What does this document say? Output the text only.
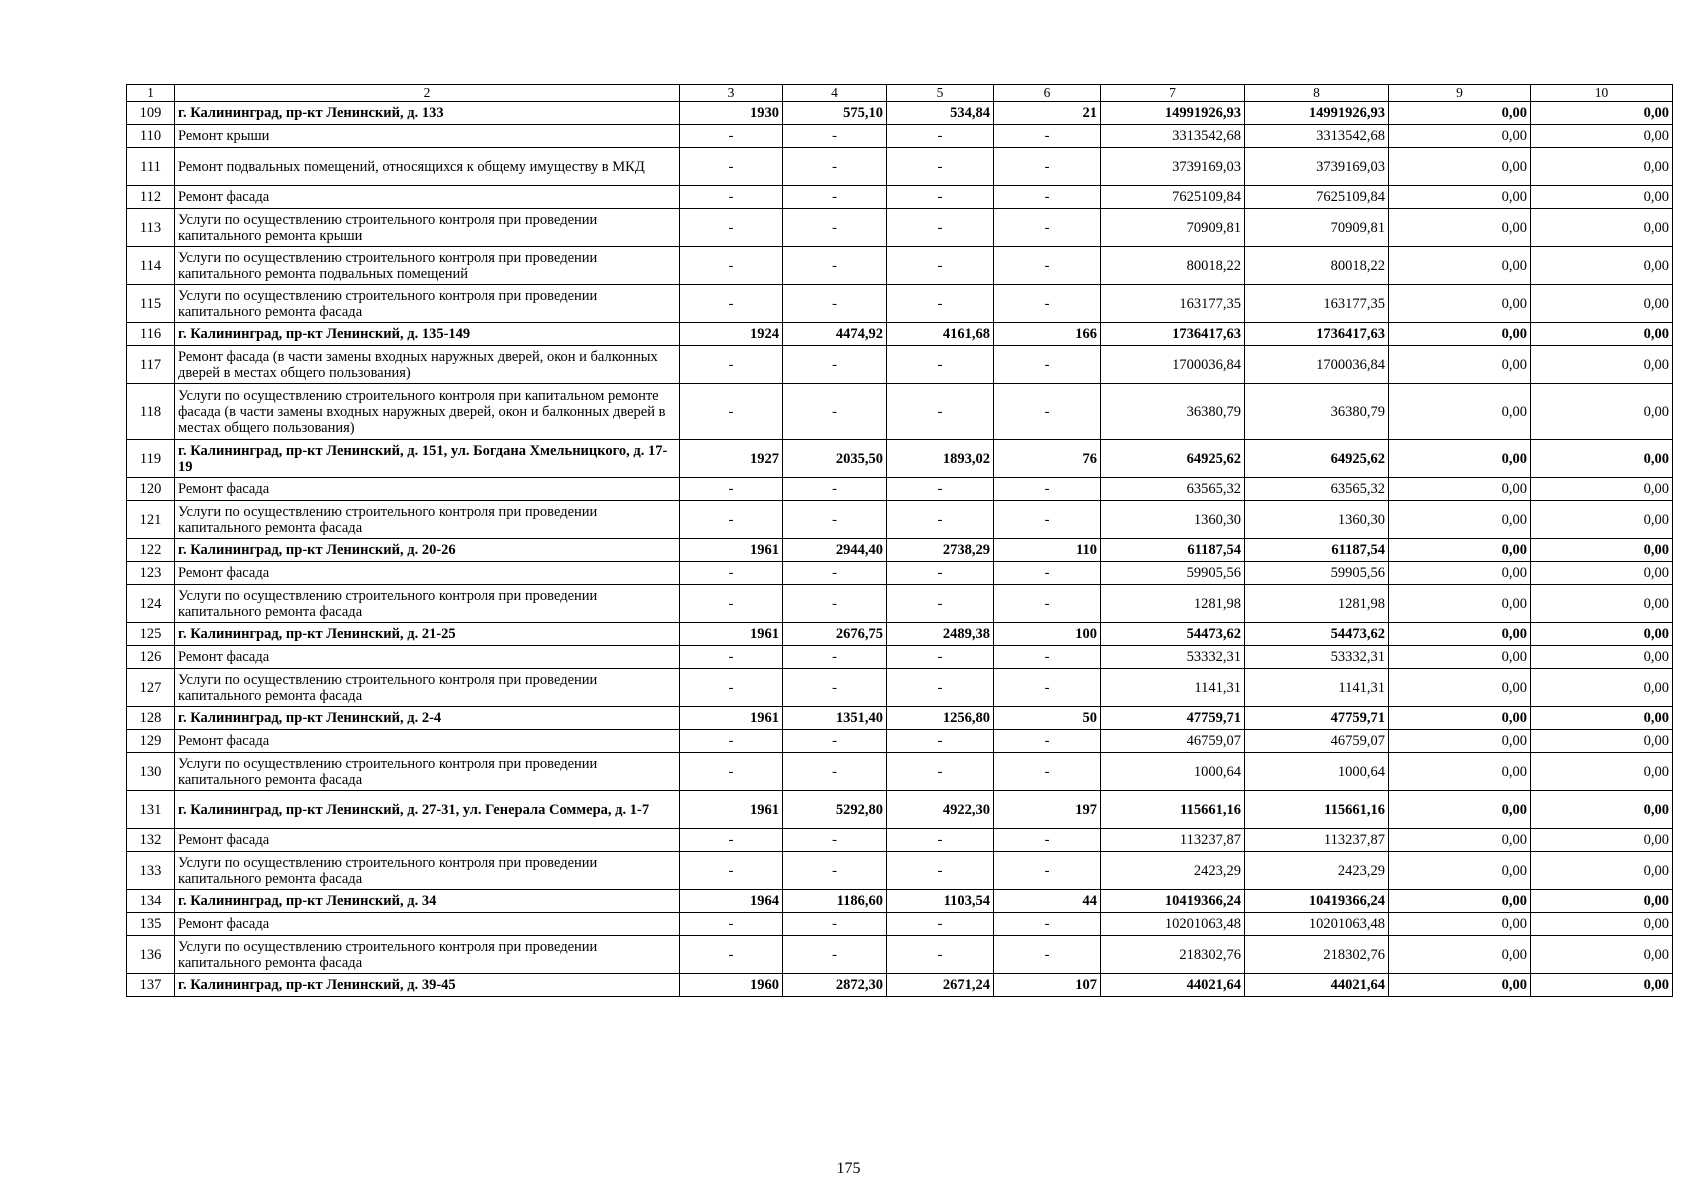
1	2	3	4	5	6	7	8	9	10
109	г. Калининград, пр-кт Ленинский, д. 133	1930	575,10	534,84	21	14991926,93	14991926,93	0,00	0,00
110	Ремонт крыши	-	-	-	-	3313542,68	3313542,68	0,00	0,00
111	Ремонт подвальных помещений, относящихся к общему имуществу в МКД	-	-	-	-	3739169,03	3739169,03	0,00	0,00
112	Ремонт фасада	-	-	-	-	7625109,84	7625109,84	0,00	0,00
113	Услуги по осуществлению строительного контроля при проведении капитального ремонта крыши	-	-	-	-	70909,81	70909,81	0,00	0,00
114	Услуги по осуществлению строительного контроля при проведении капитального ремонта подвальных помещений	-	-	-	-	80018,22	80018,22	0,00	0,00
115	Услуги по осуществлению строительного контроля при проведении капитального ремонта фасада	-	-	-	-	163177,35	163177,35	0,00	0,00
116	г. Калининград, пр-кт Ленинский, д. 135-149	1924	4474,92	4161,68	166	1736417,63	1736417,63	0,00	0,00
117	Ремонт фасада (в части замены входных наружных дверей, окон и балконных дверей в местах общего пользования)	-	-	-	-	1700036,84	1700036,84	0,00	0,00
118	Услуги по осуществлению строительного контроля при капитальном ремонте фасада (в части замены входных наружных дверей, окон и балконных дверей в местах общего пользования)	-	-	-	-	36380,79	36380,79	0,00	0,00
119	г. Калининград, пр-кт Ленинский, д. 151, ул. Богдана Хмельницкого, д. 17-19	1927	2035,50	1893,02	76	64925,62	64925,62	0,00	0,00
120	Ремонт фасада	-	-	-	-	63565,32	63565,32	0,00	0,00
121	Услуги по осуществлению строительного контроля при проведении капитального ремонта фасада	-	-	-	-	1360,30	1360,30	0,00	0,00
122	г. Калининград, пр-кт Ленинский, д. 20-26	1961	2944,40	2738,29	110	61187,54	61187,54	0,00	0,00
123	Ремонт фасада	-	-	-	-	59905,56	59905,56	0,00	0,00
124	Услуги по осуществлению строительного контроля при проведении капитального ремонта фасада	-	-	-	-	1281,98	1281,98	0,00	0,00
125	г. Калининград, пр-кт Ленинский, д. 21-25	1961	2676,75	2489,38	100	54473,62	54473,62	0,00	0,00
126	Ремонт фасада	-	-	-	-	53332,31	53332,31	0,00	0,00
127	Услуги по осуществлению строительного контроля при проведении капитального ремонта фасада	-	-	-	-	1141,31	1141,31	0,00	0,00
128	г. Калининград, пр-кт Ленинский, д. 2-4	1961	1351,40	1256,80	50	47759,71	47759,71	0,00	0,00
129	Ремонт фасада	-	-	-	-	46759,07	46759,07	0,00	0,00
130	Услуги по осуществлению строительного контроля при проведении капитального ремонта фасада	-	-	-	-	1000,64	1000,64	0,00	0,00
131	г. Калининград, пр-кт Ленинский, д. 27-31, ул. Генерала Соммера, д. 1-7	1961	5292,80	4922,30	197	115661,16	115661,16	0,00	0,00
132	Ремонт фасада	-	-	-	-	113237,87	113237,87	0,00	0,00
133	Услуги по осуществлению строительного контроля при проведении капитального ремонта фасада	-	-	-	-	2423,29	2423,29	0,00	0,00
134	г. Калининград, пр-кт Ленинский, д. 34	1964	1186,60	1103,54	44	10419366,24	10419366,24	0,00	0,00
135	Ремонт фасада	-	-	-	-	10201063,48	10201063,48	0,00	0,00
136	Услуги по осуществлению строительного контроля при проведении капитального ремонта фасада	-	-	-	-	218302,76	218302,76	0,00	0,00
137	г. Калининград, пр-кт Ленинский, д. 39-45	1960	2872,30	2671,24	107	44021,64	44021,64	0,00	0,00
175
